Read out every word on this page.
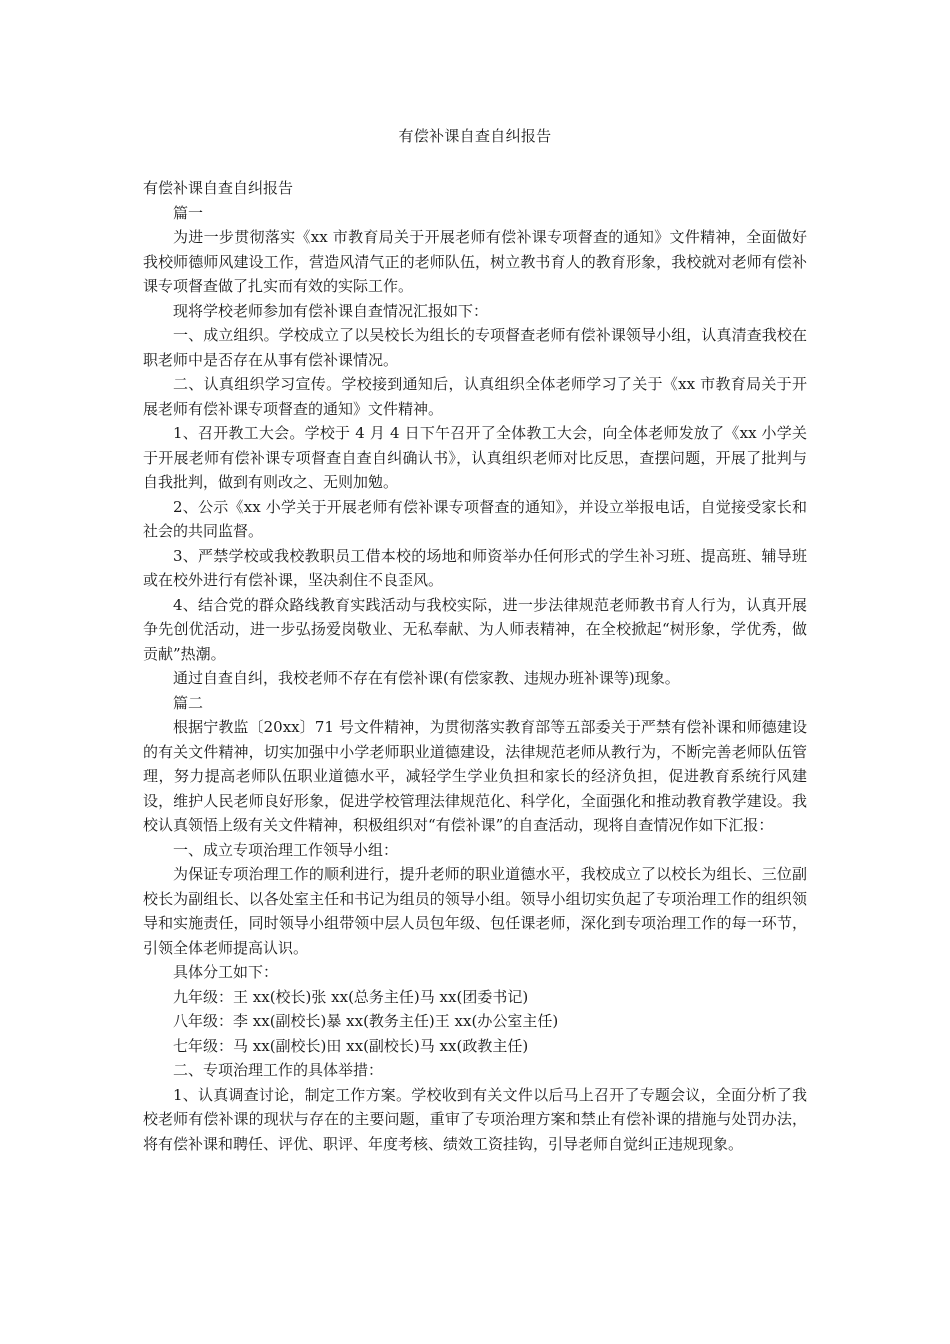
有偿补课自查自纠报告

有偿补课自查自纠报告

篇一

为进一步贯彻落实《xx 市教育局关于开展老师有偿补课专项督查的通知》文件精神，全面做好我校师德师风建设工作，营造风清气正的老师队伍，树立教书育人的教育形象，我校就对老师有偿补课专项督查做了扎实而有效的实际工作。

现将学校老师参加有偿补课自查情况汇报如下：

一、成立组织。学校成立了以吴校长为组长的专项督查老师有偿补课领导小组，认真清查我校在职老师中是否存在从事有偿补课情况。

二、认真组织学习宣传。学校接到通知后，认真组织全体老师学习了关于《xx 市教育局关于开展老师有偿补课专项督查的通知》文件精神。

1、召开教工大会。学校于 4 月 4 日下午召开了全体教工大会，向全体老师发放了《xx 小学关于开展老师有偿补课专项督查自查自纠确认书》，认真组织老师对比反思，查摆问题，开展了批判与自我批判，做到有则改之、无则加勉。

2、公示《xx 小学关于开展老师有偿补课专项督查的通知》，并设立举报电话，自觉接受家长和社会的共同监督。

3、严禁学校或我校教职员工借本校的场地和师资举办任何形式的学生补习班、提高班、辅导班或在校外进行有偿补课，坚决刹住不良歪风。

4、结合党的群众路线教育实践活动与我校实际，进一步法律规范老师教书育人行为，认真开展争先创优活动，进一步弘扬爱岗敬业、无私奉献、为人师表精神，在全校掀起“树形象，学优秀，做贡献”热潮。

通过自查自纠，我校老师不存在有偿补课(有偿家教、违规办班补课等)现象。

篇二

根据宁教监〔20xx〕71 号文件精神，为贯彻落实教育部等五部委关于严禁有偿补课和师德建设的有关文件精神，切实加强中小学老师职业道德建设，法律规范老师从教行为，不断完善老师队伍管理，努力提高老师队伍职业道德水平，减轻学生学业负担和家长的经济负担，促进教育系统行风建设，维护人民老师良好形象，促进学校管理法律规范化、科学化，全面强化和推动教育教学建设。我校认真领悟上级有关文件精神，积极组织对“有偿补课”的自查活动，现将自查情况作如下汇报：

一、成立专项治理工作领导小组：

为保证专项治理工作的顺利进行，提升老师的职业道德水平，我校成立了以校长为组长、三位副校长为副组长、以各处室主任和书记为组员的领导小组。领导小组切实负起了专项治理工作的组织领导和实施责任，同时领导小组带领中层人员包年级、包任课老师，深化到专项治理工作的每一环节，引领全体老师提高认识。

具体分工如下：

九年级：王 xx(校长)张 xx(总务主任)马 xx(团委书记)

八年级：李 xx(副校长)暴 xx(教务主任)王 xx(办公室主任)

七年级：马 xx(副校长)田 xx(副校长)马 xx(政教主任)

二、专项治理工作的具体举措：

1、认真调查讨论，制定工作方案。学校收到有关文件以后马上召开了专题会议，全面分析了我校老师有偿补课的现状与存在的主要问题，重审了专项治理方案和禁止有偿补课的措施与处罚办法，将有偿补课和聘任、评优、职评、年度考核、绩效工资挂钩，引导老师自觉纠正违规现象。
